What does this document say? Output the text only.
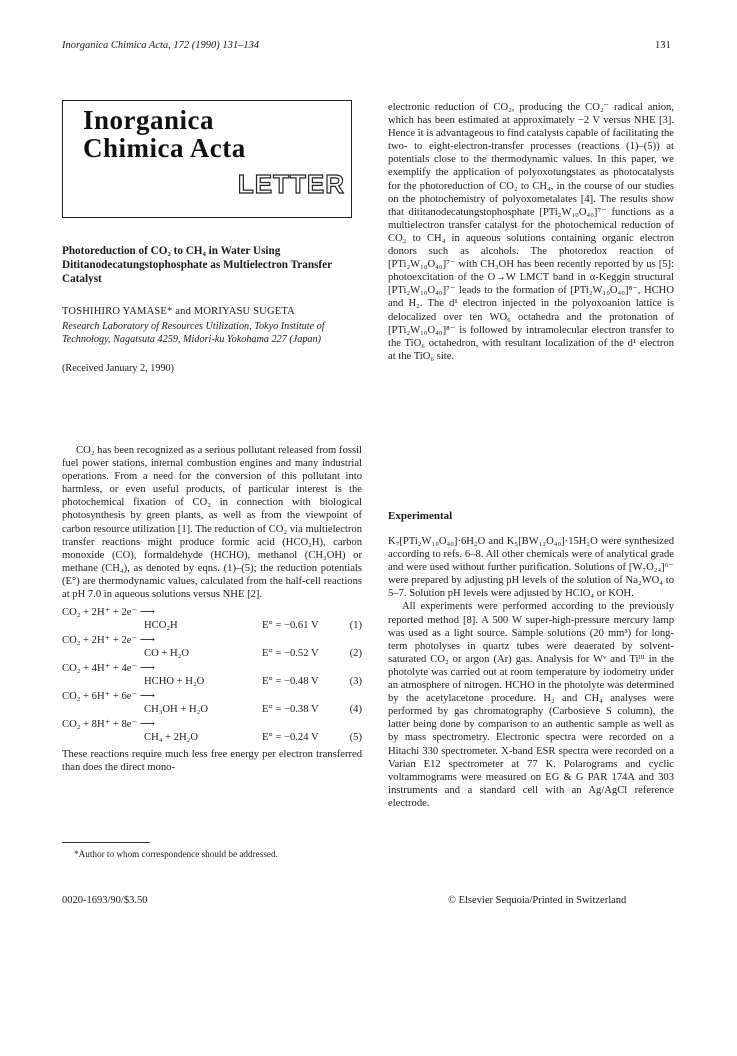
Inorganica Chimica Acta, 172 (1990) 131–134	131
Inorganica
Chimica Acta
LETTER
Photoreduction of CO₂ to CH₄ in Water Using Dititanodecatungstophosphate as Multielectron Transfer Catalyst
TOSHIHIRO YAMASE* and MORIYASU SUGETA
Research Laboratory of Resources Utilization, Tokyo Institute of Technology, Nagatsuta 4259, Midori-ku Yokohama 227 (Japan)
(Received January 2, 1990)

CO₂ has been recognized as a serious pollutant released from fossil fuel power stations, internal combustion engines and many industrial operations. From a need for the conversion of this pollutant into harmless, or even useful products, of particular interest is the photochemical fixation of CO₂ in connection with biological photosynthesis by green plants, as well as from the viewpoint of carbon resource utilization [1]. The reduction of CO₂ via multielectron transfer reactions might produce formic acid (HCO₂H), carbon monoxide (CO), formaldehyde (HCHO), methanol (CH₃OH) or methane (CH₄), as denoted by eqns. (1)–(5); the reduction potentials (E°) are thermodynamic values, calculated from the half-cell reactions at pH 7.0 in aqueous solutions versus NHE [2].

CO₂ + 2H⁺ + 2e⁻ ⟶
HCO₂H	E° = −0.61 V	(1)
CO₂ + 2H⁺ + 2e⁻ ⟶
CO + H₂O	E° = −0.52 V	(2)
CO₂ + 4H⁺ + 4e⁻ ⟶
HCHO + H₂O	E° = −0.48 V	(3)
CO₂ + 6H⁺ + 6e⁻ ⟶
CH₃OH + H₂O	E° = −0.38 V	(4)
CO₂ + 8H⁺ + 8e⁻ ⟶
CH₄ + 2H₂O	E° = −0.24 V	(5)

These reactions require much less free energy per electron transferred than does the direct mono-

*Author to whom correspondence should be addressed.

electronic reduction of CO₂, producing the CO₂⁻ radical anion, which has been estimated at approximately −2 V versus NHE [3]. Hence it is advantageous to find catalysts capable of facilitating the two- to eight-electron-transfer processes (reactions (1)–(5)) at potentials close to the thermodynamic values. In this paper, we exemplify the application of polyoxotungstates as photocatalysts for the photoreduction of CO₂ to CH₄, in the course of our studies on the photochemistry of polyoxometalates [4]. The results show that dititanodecatungstophosphate [PTi₂W₁₀O₄₀]⁷⁻ functions as a multielectron transfer catalyst for the photochemical reduction of CO₂ to CH₄ in aqueous solutions containing organic electron donors such as alcohols. The photoredox reaction of [PTi₂W₁₀O₄₀]⁷⁻ with CH₃OH has been recently reported by us [5]: photoexcitation of the O→W LMCT band in α-Keggin structural [PTi₂W₁₀O₄₀]⁷⁻ leads to the formation of [PTi₂W₁₀O₄₀]⁸⁻, HCHO and H₂. The d¹ electron injected in the polyoxoanion lattice is delocalized over ten WO₆ octahedra and the protonation of [PTi₂W₁₀O₄₀]⁸⁻ is followed by intramolecular electron transfer to the TiO₆ octahedron, with resultant localization of the d¹ electron at the TiO₆ site.

Experimental

K₇[PTi₂W₁₀O₄₀]·6H₂O and K₅[BW₁₂O₄₀]·15H₂O were synthesized according to refs. 6–8. All other chemicals were of analytical grade and were used without further purification. Solutions of [W₇O₂₄]⁶⁻ were prepared by adjusting pH levels of the solution of Na₂WO₄ to 5–7. Solution pH levels were adjusted by HClO₄ or KOH.

All experiments were performed according to the previously reported method [8]. A 500 W super-high-pressure mercury lamp was used as a light source. Sample solutions (20 mm³) for long-term photolyses in quartz tubes were deaerated by solvent-saturated CO₂ or argon (Ar) gas. Analysis for Wᵛ and Tiᴵᴵᴵ in the photolyte was carried out at room temperature by iodometry under an atmosphere of nitrogen. HCHO in the photolyte was determined by the acetylacetone procedure. H₂ and CH₄ analyses were performed by gas chromatography (Carbosieve S column), the latter being done by comparison to an authentic sample as well as by mass spectrometry. Electronic spectra were recorded on a Hitachi 330 spectrometer. X-band ESR spectra were recorded on a Varian E12 spectrometer at 77 K. Polarograms and cyclic voltammograms were measured on EG & G PAR 174A and 303 instruments and a standard cell with an Ag/AgCl reference electrode.

0020-1693/90/$3.50	© Elsevier Sequoia/Printed in Switzerland
